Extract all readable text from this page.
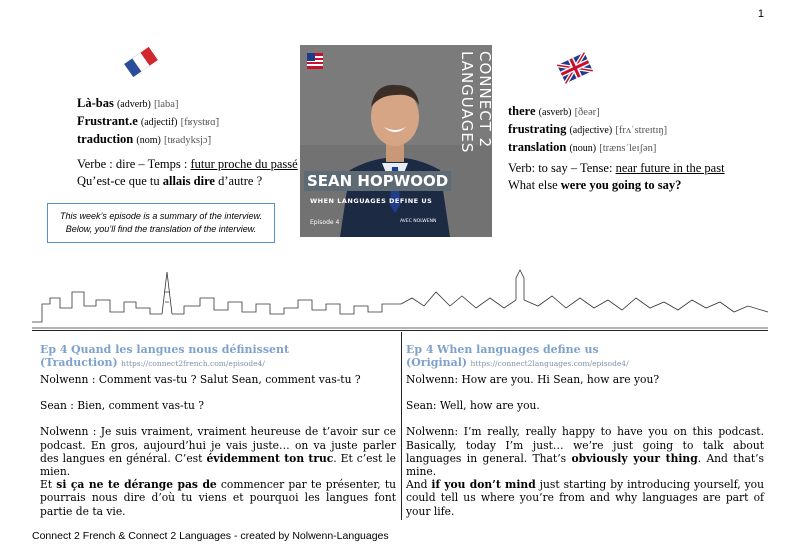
1
Là-bas (adverb) [laba]
Frustrant.e (adjectif) [fʁystʁɑ̃]
traduction (nom) [tʁadyksjɔ̃]
Verbe : dire – Temps : futur proche du passé
Qu’est-ce que tu allais dire d’autre ?
This week’s episode is a summary of the interview.
Below, you’ll find the translation of the interview.
CONNECT 2 LANGUAGES
SEAN HOPWOOD
WHEN LANGUAGES DEFINE US
Episode 4	AVEC NOLWENN
there (asverb) [ðeər]
frustrating (adjective) [frʌˈstreɪtɪŋ]
translation (noun) [trænsˈleɪʃən]
Verb: to say – Tense: near future in the past
What else were you going to say?
Ep 4 Quand les langues nous définissent
(Traduction) https://connect2french.com/episode4/
Ep 4 When languages define us
(Original) https://connect2languages.com/episode4/
Nolwenn : Comment vas-tu ? Salut Sean, comment vas-tu ?
Sean : Bien, comment vas-tu ?
Nolwenn : Je suis vraiment, vraiment heureuse de t’avoir sur ce podcast. En gros, aujourd’hui je vais juste… on va juste parler des langues en général. C’est évidemment ton truc. Et c’est le mien.
Et si ça ne te dérange pas de commencer par te présenter, tu pourrais nous dire d’où tu viens et pourquoi les langues font partie de ta vie.
Nolwenn: How are you. Hi Sean, how are you?
Sean: Well, how are you.
Nolwenn: I’m really, really happy to have you on this podcast. Basically, today I’m just… we’re just going to talk about languages in general. That’s obviously your thing. And that’s mine.
And if you don’t mind just starting by introducing yourself, you could tell us where you’re from and why languages are part of your life.
Connect 2 French & Connect 2 Languages - created by Nolwenn-Languages
